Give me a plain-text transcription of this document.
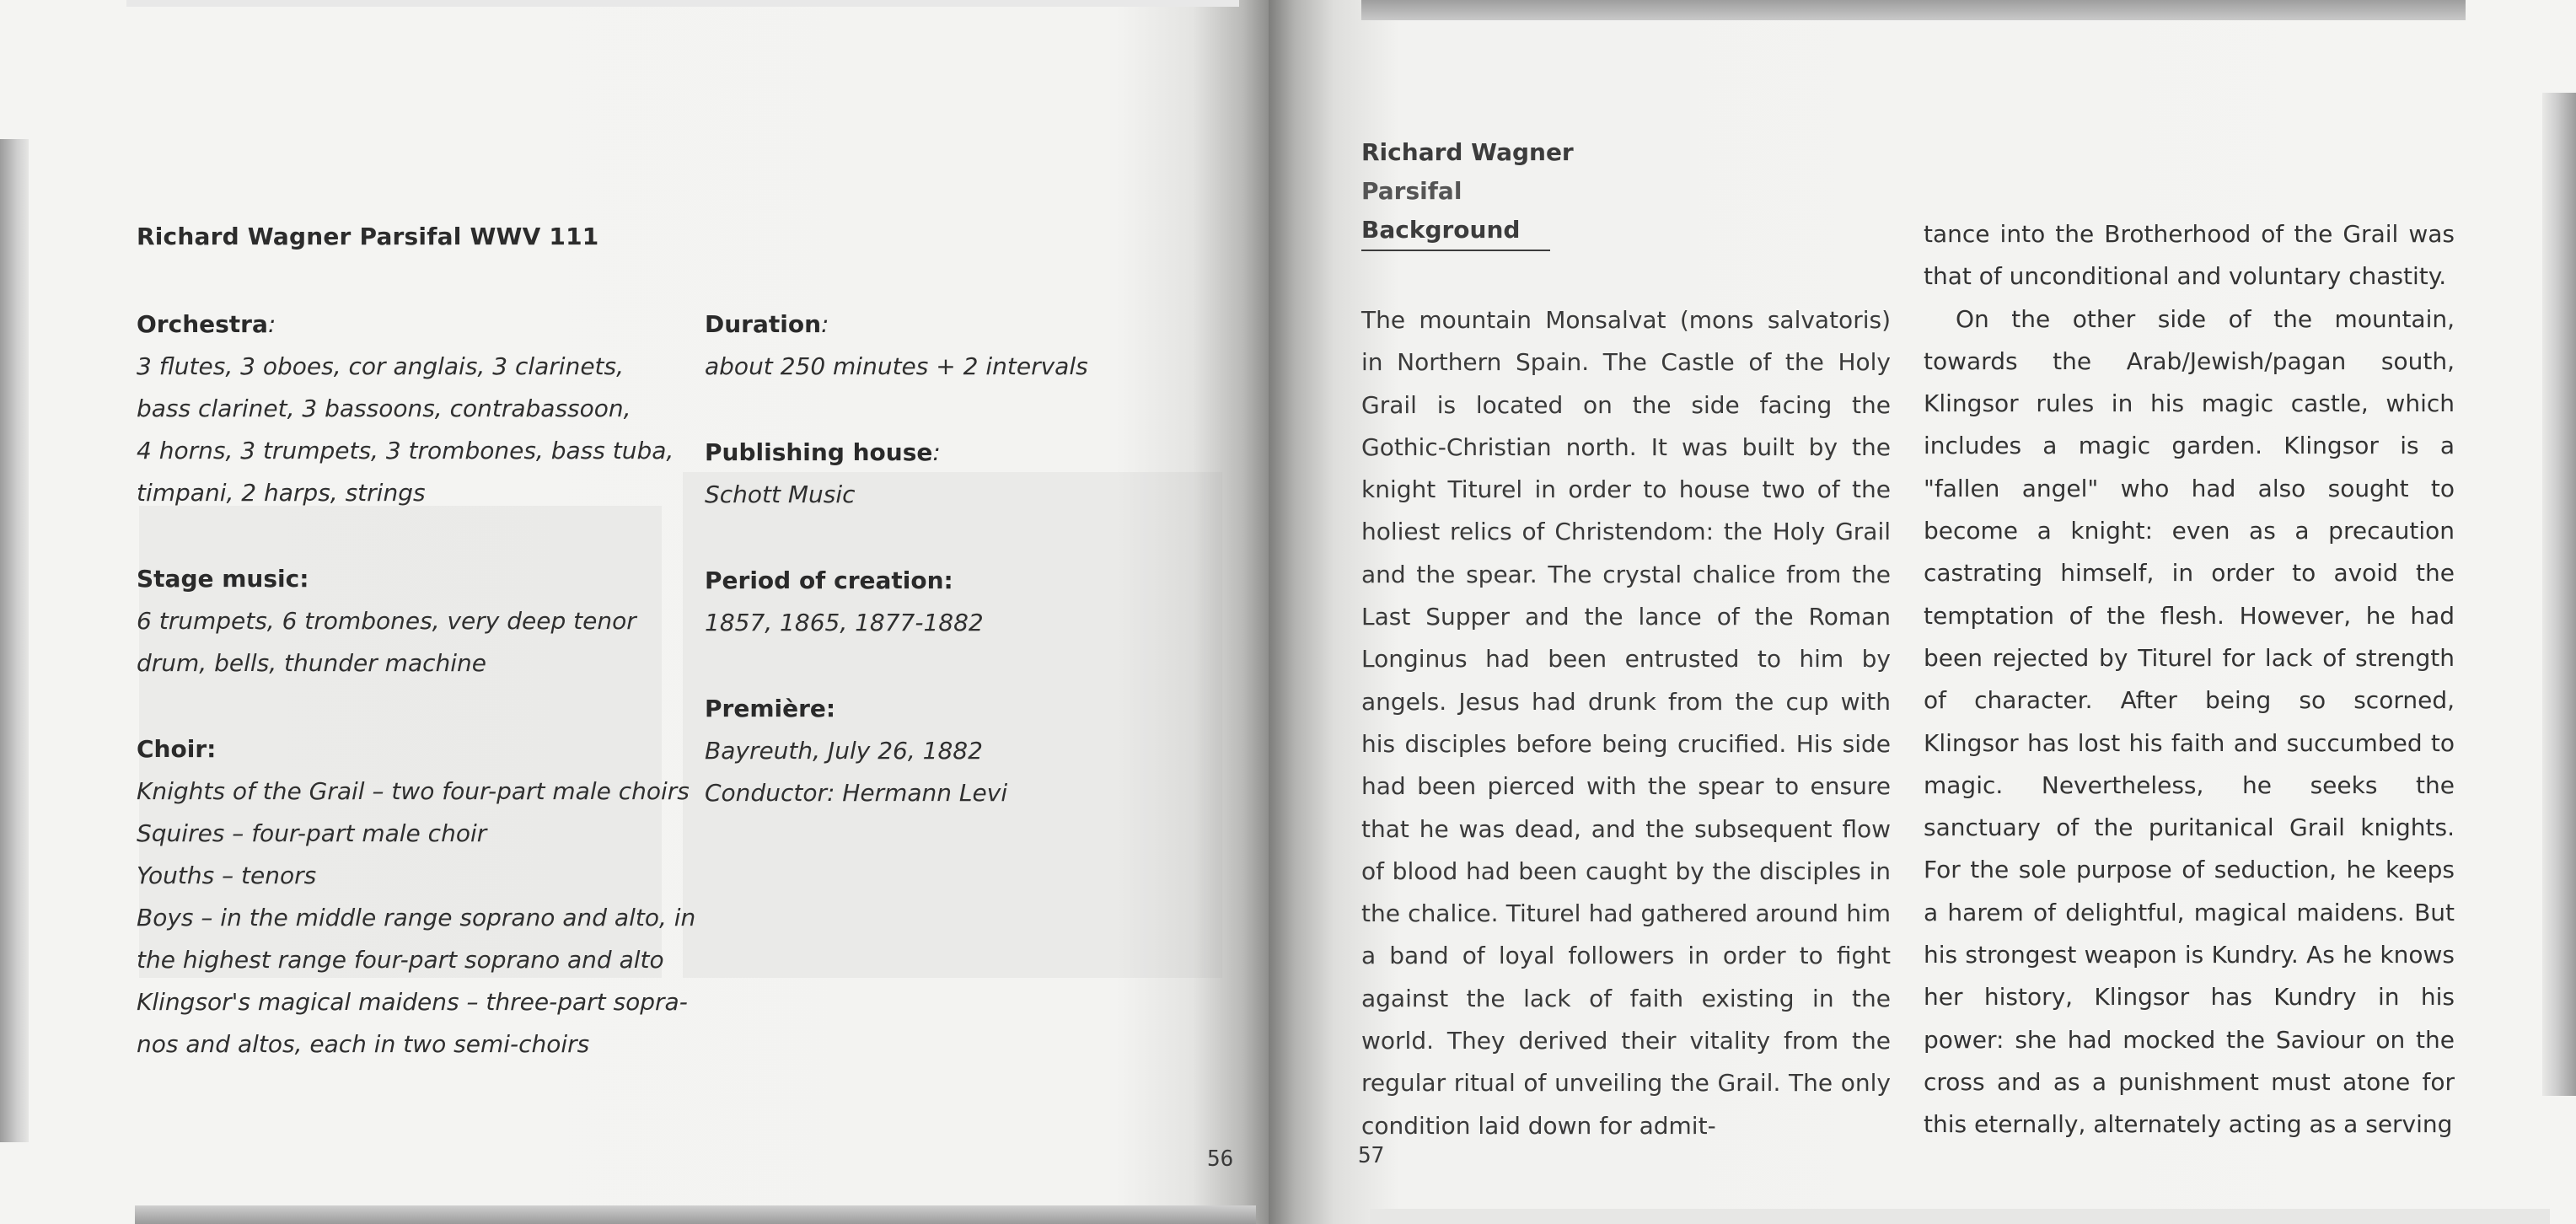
Richard Wagner Parsifal WWV 111
Orchestra:
3 flutes, 3 oboes, cor anglais, 3 clarinets,
bass clarinet, 3 bassoons, contrabassoon,
4 horns, 3 trumpets, 3 trombones, bass tuba,
timpani, 2 harps, strings
Stage music:
6 trumpets, 6 trombones, very deep tenor
drum, bells, thunder machine
Choir:
Knights of the Grail – two four-part male choirs
Squires – four-part male choir
Youths – tenors
Boys – in the middle range soprano and alto, in
the highest range four-part soprano and alto
Klingsor's magical maidens – three-part sopra-
nos and altos, each in two semi-choirs
Duration:
about 250 minutes + 2 intervals
Publishing house:
Schott Music
Period of creation:
1857, 1865, 1877-1882
Première:
Bayreuth, July 26, 1882
Conductor: Hermann Levi
56
Richard Wagner
Parsifal
Background

The mountain Monsalvat (mons salvatoris) in Northern Spain. The Castle of the Holy Grail is located on the side facing the Gothic-Christian north. It was built by the knight Titurel in order to house two of the holiest relics of Christendom: the Holy Grail and the spear. The crystal chalice from the Last Supper and the lance of the Roman Longinus had been entrusted to him by angels. Jesus had drunk from the cup with his disciples before being crucified. His side had been pierced with the spear to ensure that he was dead, and the subsequent flow of blood had been caught by the disciples in the chalice. Titurel had gathered around him a band of loyal followers in order to fight against the lack of faith existing in the world. They derived their vitality from the regular ritual of unveiling the Grail. The only condition laid down for admit-

tance into the Brotherhood of the Grail was that of unconditional and voluntary chastity.

On the other side of the mountain, towards the Arab/Jewish/pagan south, Klingsor rules in his magic castle, which includes a magic garden. Klingsor is a "fallen angel" who had also sought to become a knight: even as a precaution castrating himself, in order to avoid the temptation of the flesh. However, he had been rejected by Titurel for lack of strength of character. After being so scorned, Klingsor has lost his faith and succumbed to magic. Nevertheless, he seeks the sanctuary of the puritanical Grail knights. For the sole purpose of seduction, he keeps a harem of delightful, magical maidens. But his strongest weapon is Kundry. As he knows her history, Klingsor has Kundry in his power: she had mocked the Saviour on the cross and as a punishment must atone for this eternally, alternately acting as a serving

57
